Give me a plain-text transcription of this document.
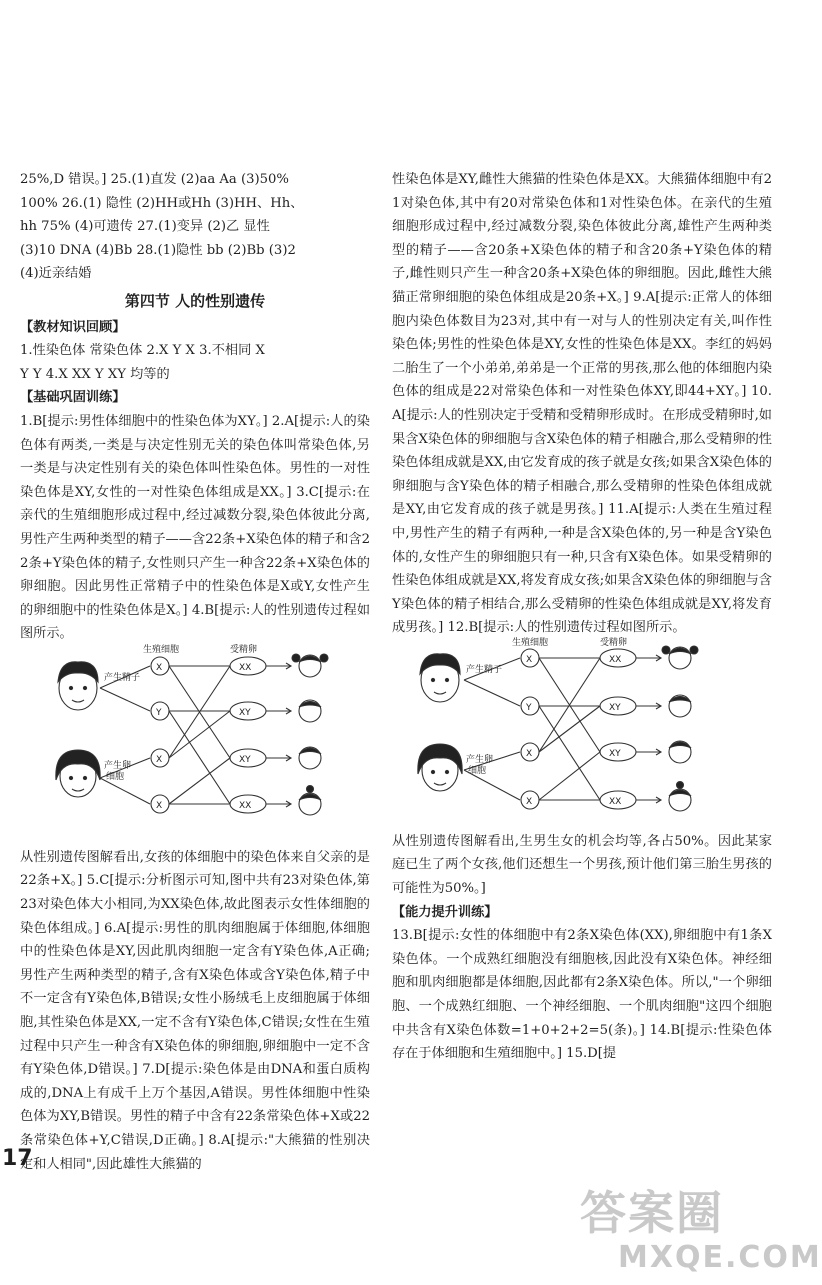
25%,D 错误。] 25.(1)直发 (2)aa Aa (3)50%

100% 26.(1) 隐性 (2)HH或Hh (3)HH、Hh、

hh 75% (4)可遗传 27.(1)变异 (2)乙 显性

(3)10 DNA (4)Bb 28.(1)隐性 bb (2)Bb (3)2

(4)近亲结婚

第四节 人的性别遗传

【教材知识回顾】

1.性染色体 常染色体 2.X Y X 3.不相同 X

Y Y 4.X XX Y XY 均等的

【基础巩固训练】

1.B[提示:男性体细胞中的性染色体为XY。] 2.A[提示:人的染色体有两类,一类是与决定性别无关的染色体叫常染色体,另一类是与决定性别有关的染色体叫性染色体。男性的一对性染色体是XY,女性的一对性染色体组成是XX。] 3.C[提示:在亲代的生殖细胞形成过程中,经过减数分裂,染色体彼此分离,男性产生两种类型的精子——含22条+X染色体的精子和含22条+Y染色体的精子,女性则只产生一种含22条+X染色体的卵细胞。因此男性正常精子中的性染色体是X或Y,女性产生的卵细胞中的性染色体是X。] 4.B[提示:人的性别遗传过程如图所示。

生殖细胞	受精卵
产生精子
产生卵
细胞
X
Y
X
X
XX
XY
XY
XX

从性别遗传图解看出,女孩的体细胞中的染色体来自父亲的是22条+X。] 5.C[提示:分析图示可知,图中共有23对染色体,第23对染色体大小相同,为XX染色体,故此图表示女性体细胞的染色体组成。] 6.A[提示:男性的肌肉细胞属于体细胞,体细胞中的性染色体是XY,因此肌肉细胞一定含有Y染色体,A正确;男性产生两种类型的精子,含有X染色体或含Y染色体,精子中不一定含有Y染色体,B错误;女性小肠绒毛上皮细胞属于体细胞,其性染色体是XX,一定不含有Y染色体,C错误;女性在生殖过程中只产生一种含有X染色体的卵细胞,卵细胞中一定不含有Y染色体,D错误。] 7.D[提示:染色体是由DNA和蛋白质构成的,DNA上有成千上万个基因,A错误。男性体细胞中性染色体为XY,B错误。男性的精子中含有22条常染色体+X或22条常染色体+Y,C错误,D正确。] 8.A[提示:"大熊猫的性别决定和人相同",因此雄性大熊猫的

性染色体是XY,雌性大熊猫的性染色体是XX。大熊猫体细胞中有21对染色体,其中有20对常染色体和1对性染色体。在亲代的生殖细胞形成过程中,经过减数分裂,染色体彼此分离,雄性产生两种类型的精子——含20条+X染色体的精子和含20条+Y染色体的精子,雌性则只产生一种含20条+X染色体的卵细胞。因此,雌性大熊猫正常卵细胞的染色体组成是20条+X。] 9.A[提示:正常人的体细胞内染色体数目为23对,其中有一对与人的性别决定有关,叫作性染色体;男性的性染色体是XY,女性的性染色体是XX。李红的妈妈二胎生了一个小弟弟,弟弟是一个正常的男孩,那么他的体细胞内染色体的组成是22对常染色体和一对性染色体XY,即44+XY。] 10.A[提示:人的性别决定于受精和受精卵形成时。在形成受精卵时,如果含X染色体的卵细胞与含X染色体的精子相融合,那么受精卵的性染色体组成就是XX,由它发育成的孩子就是女孩;如果含X染色体的卵细胞与含Y染色体的精子相融合,那么受精卵的性染色体组成就是XY,由它发育成的孩子就是男孩。] 11.A[提示:人类在生殖过程中,男性产生的精子有两种,一种是含X染色体的,另一种是含Y染色体的,女性产生的卵细胞只有一种,只含有X染色体。如果受精卵的性染色体组成就是XX,将发育成女孩;如果含X染色体的卵细胞与含Y染色体的精子相结合,那么受精卵的性染色体组成就是XY,将发育成男孩。] 12.B[提示:人的性别遗传过程如图所示。

生殖细胞	受精卵
产生精子
产生卵
细胞
X
Y
X
X
XX
XY
XY
XX

从性别遗传图解看出,生男生女的机会均等,各占50%。因此某家庭已生了两个女孩,他们还想生一个男孩,预计他们第三胎生男孩的可能性为50%。]

【能力提升训练】

13.B[提示:女性的体细胞中有2条X染色体(XX),卵细胞中有1条X染色体。一个成熟红细胞没有细胞核,因此没有X染色体。神经细胞和肌肉细胞都是体细胞,因此都有2条X染色体。所以,"一个卵细胞、一个成熟红细胞、一个神经细胞、一个肌肉细胞"这四个细胞中共含有X染色体数=1+0+2+2=5(条)。] 14.B[提示:性染色体存在于体细胞和生殖细胞中。] 15.D[提

17
答案圈
MXQE.COM
